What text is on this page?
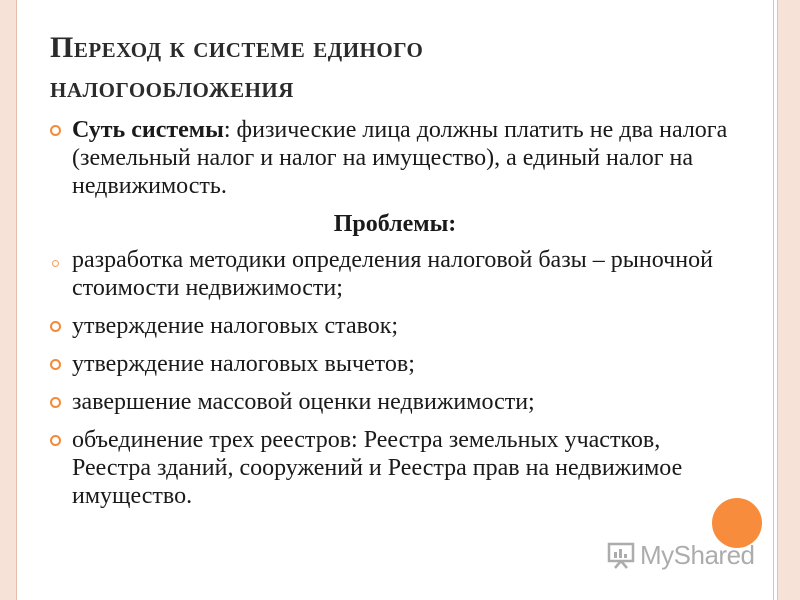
Переход к системе единого
налогообложения
Суть системы: физические лица должны платить не два налога (земельный налог и налог на имущество), а единый налог на недвижимость.
Проблемы:
разработка методики определения налоговой базы – рыночной стоимости недвижимости;
утверждение налоговых ставок;
утверждение налоговых вычетов;
завершение массовой оценки недвижимости;
объединение трех реестров: Реестра земельных участков, Реестра зданий, сооружений и Реестра прав на недвижимое имущество.
MyShared
